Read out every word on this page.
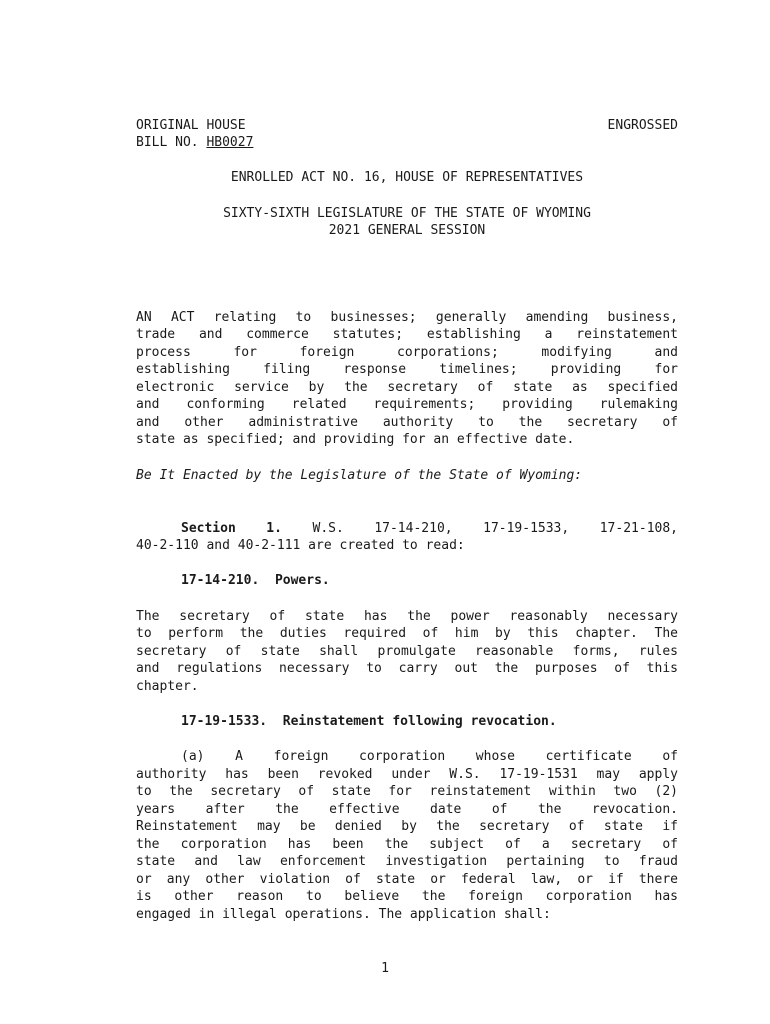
ORIGINAL HOUSE	ENGROSSED
BILL NO. HB0027
ENROLLED ACT NO. 16, HOUSE OF REPRESENTATIVES
SIXTY-SIXTH LEGISLATURE OF THE STATE OF WYOMING
2021 GENERAL SESSION
AN ACT relating to businesses; generally amending business,
trade and commerce statutes; establishing a reinstatement
process for foreign corporations; modifying and
establishing filing response timelines; providing for
electronic service by the secretary of state as specified
and conforming related requirements; providing rulemaking
and other administrative authority to the secretary of
state as specified; and providing for an effective date.
Be It Enacted by the Legislature of the State of Wyoming:
Section 1. W.S. 17-14-210, 17-19-1533, 17-21-108,
40-2-110 and 40-2-111 are created to read:
17-14-210. Powers.
The secretary of state has the power reasonably necessary
to perform the duties required of him by this chapter. The
secretary of state shall promulgate reasonable forms, rules
and regulations necessary to carry out the purposes of this
chapter.
17-19-1533. Reinstatement following revocation.
(a) A foreign corporation whose certificate of
authority has been revoked under W.S. 17-19-1531 may apply
to the secretary of state for reinstatement within two (2)
years after the effective date of the revocation.
Reinstatement may be denied by the secretary of state if
the corporation has been the subject of a secretary of
state and law enforcement investigation pertaining to fraud
or any other violation of state or federal law, or if there
is other reason to believe the foreign corporation has
engaged in illegal operations. The application shall:
1
